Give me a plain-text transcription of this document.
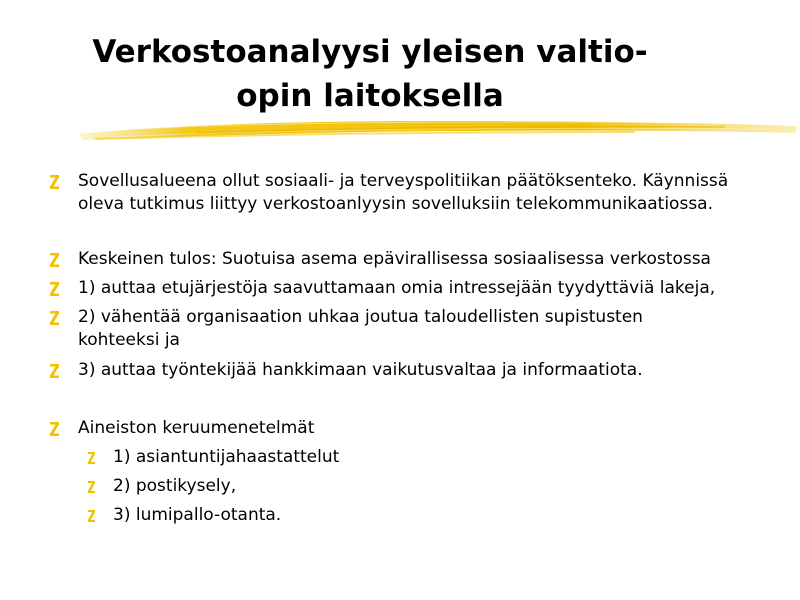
Verkostoanalyysi yleisen valtio-
opin laitoksella
Sovellusalueena ollut sosiaali- ja terveyspolitiikan päätöksenteko. Käynnissä
oleva tutkimus liittyy verkostoanlyysin sovelluksiin telekommunikaatiossa.
Keskeinen tulos: Suotuisa asema epävirallisessa sosiaalisessa verkostossa
1) auttaa etujärjestöja saavuttamaan omia intressejään tyydyttäviä lakeja,
2) vähentää organisaation uhkaa joutua taloudellisten supistusten
kohteeksi ja
3) auttaa työntekijää hankkimaan vaikutusvaltaa ja informaatiota.
Aineiston keruumenetelmät
1) asiantuntijahaastattelut
2) postikysely,
3) lumipallo-otanta.
